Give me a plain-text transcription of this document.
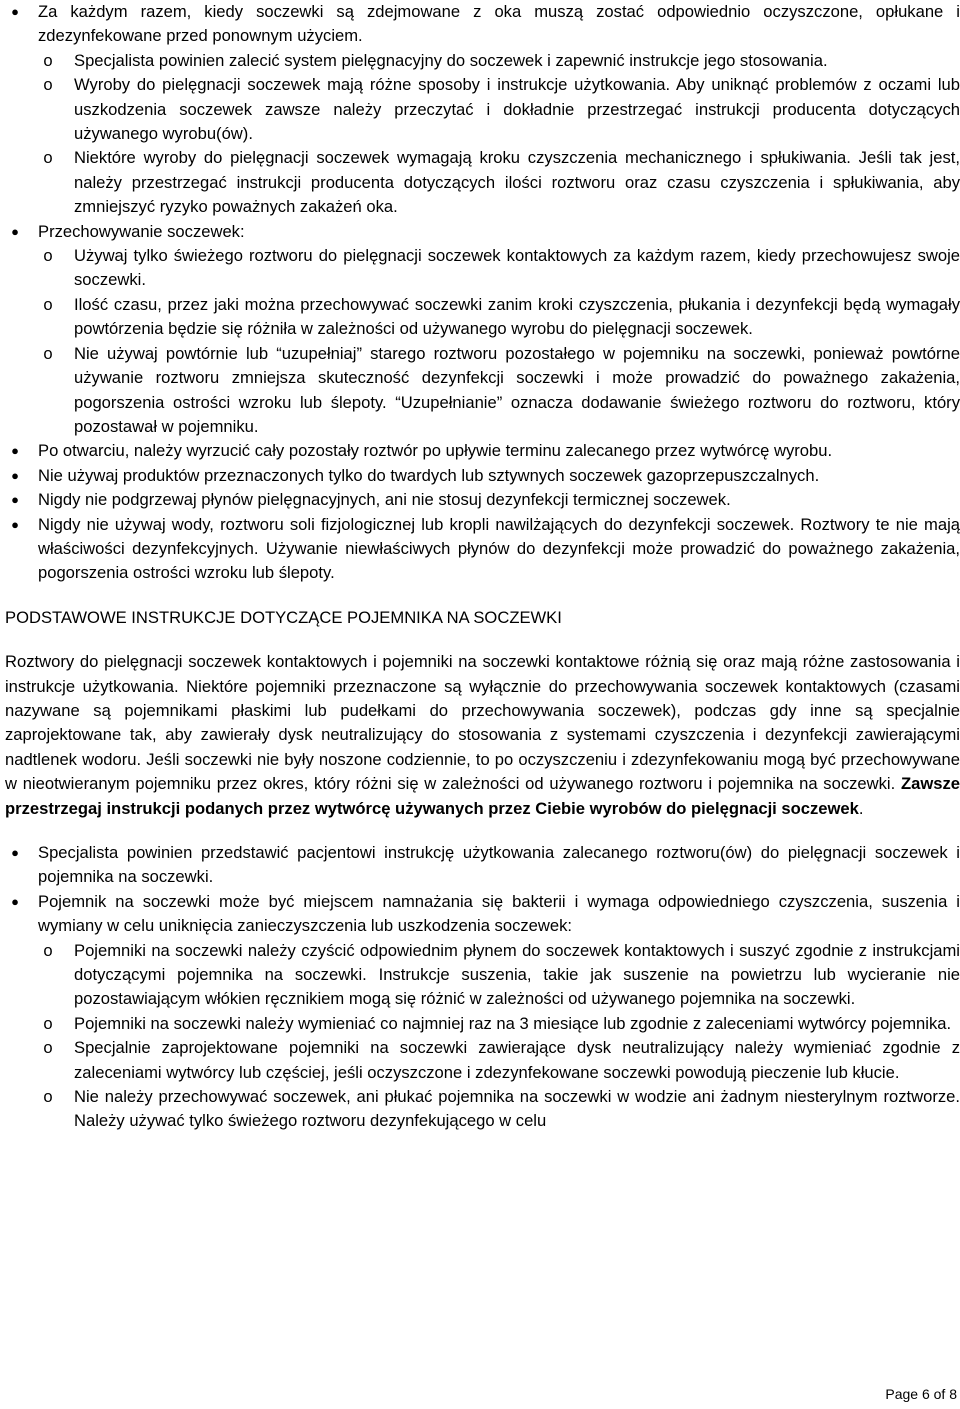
●	Za każdym razem, kiedy soczewki są zdejmowane z oka muszą zostać odpowiednio oczyszczone, opłukane i zdezynfekowane przed ponownym użyciem.
o	Specjalista powinien zalecić system pielęgnacyjny do soczewek i zapewnić instrukcje jego stosowania.
o	Wyroby do pielęgnacji soczewek mają różne sposoby i instrukcje użytkowania. Aby uniknąć problemów z oczami lub uszkodzenia soczewek zawsze należy przeczytać i dokładnie przestrzegać instrukcji producenta dotyczących używanego wyrobu(ów).
o	Niektóre wyroby do pielęgnacji soczewek wymagają kroku czyszczenia mechanicznego i spłukiwania. Jeśli tak jest, należy przestrzegać instrukcji producenta dotyczących ilości roztworu oraz czasu czyszczenia i spłukiwania, aby zmniejszyć ryzyko poważnych zakażeń oka.
●	Przechowywanie soczewek:
o	Używaj tylko świeżego roztworu do pielęgnacji soczewek kontaktowych za każdym razem, kiedy przechowujesz swoje soczewki.
o	Ilość czasu, przez jaki można przechowywać soczewki zanim kroki czyszczenia, płukania i dezynfekcji będą wymagały powtórzenia będzie się różniła w zależności od używanego wyrobu do pielęgnacji soczewek.
o	Nie używaj powtórnie lub “uzupełniaj” starego roztworu pozostałego w pojemniku na soczewki, ponieważ powtórne używanie roztworu zmniejsza skuteczność dezynfekcji soczewki i może prowadzić do poważnego zakażenia, pogorszenia ostrości wzroku lub ślepoty. “Uzupełnianie” oznacza dodawanie świeżego roztworu do roztworu, który pozostawał w pojemniku.
●	Po otwarciu, należy wyrzucić cały pozostały roztwór po upływie terminu zalecanego przez wytwórcę wyrobu.
●	Nie używaj produktów przeznaczonych tylko do twardych lub sztywnych soczewek gazoprzepuszczalnych.
●	Nigdy nie podgrzewaj płynów pielęgnacyjnych, ani nie stosuj dezynfekcji termicznej soczewek.
●	Nigdy nie używaj wody, roztworu soli fizjologicznej lub kropli nawilżających do dezynfekcji soczewek. Roztwory te nie mają właściwości dezynfekcyjnych. Używanie niewłaściwych płynów do dezynfekcji może prowadzić do poważnego zakażenia, pogorszenia ostrości wzroku lub ślepoty.

PODSTAWOWE INSTRUKCJE DOTYCZĄCE POJEMNIKA NA SOCZEWKI

Roztwory do pielęgnacji soczewek kontaktowych i pojemniki na soczewki kontaktowe różnią się oraz mają różne zastosowania i instrukcje użytkowania. Niektóre pojemniki przeznaczone są wyłącznie do przechowywania soczewek kontaktowych (czasami nazywane są pojemnikami płaskimi lub pudełkami do przechowywania soczewek), podczas gdy inne są specjalnie zaprojektowane tak, aby zawierały dysk neutralizujący do stosowania z systemami czyszczenia i dezynfekcji zawierającymi nadtlenek wodoru. Jeśli soczewki nie były noszone codziennie, to po oczyszczeniu i zdezynfekowaniu mogą być przechowywane w nieotwieranym pojemniku przez okres, który różni się w zależności od używanego roztworu i pojemnika na soczewki. Zawsze przestrzegaj instrukcji podanych przez wytwórcę używanych przez Ciebie wyrobów do pielęgnacji soczewek.

●	Specjalista powinien przedstawić pacjentowi instrukcję użytkowania zalecanego roztworu(ów) do pielęgnacji soczewek i pojemnika na soczewki.
●	Pojemnik na soczewki może być miejscem namnażania się bakterii i wymaga odpowiedniego czyszczenia, suszenia i wymiany w celu uniknięcia zanieczyszczenia lub uszkodzenia soczewek:
o	Pojemniki na soczewki należy czyścić odpowiednim płynem do soczewek kontaktowych i suszyć zgodnie z instrukcjami dotyczącymi pojemnika na soczewki. Instrukcje suszenia, takie jak suszenie na powietrzu lub wycieranie nie pozostawiającym włókien ręcznikiem mogą się różnić w zależności od używanego pojemnika na soczewki.
o	Pojemniki na soczewki należy wymieniać co najmniej raz na 3 miesiące lub zgodnie z zaleceniami wytwórcy pojemnika.
o	Specjalnie zaprojektowane pojemniki na soczewki zawierające dysk neutralizujący należy wymieniać zgodnie z zaleceniami wytwórcy lub częściej, jeśli oczyszczone i zdezynfekowane soczewki powodują pieczenie lub kłucie.
o	Nie należy przechowywać soczewek, ani płukać pojemnika na soczewki w wodzie ani żadnym niesterylnym roztworze. Należy używać tylko świeżego roztworu dezynfekującego w celu
Page 6 of 8
